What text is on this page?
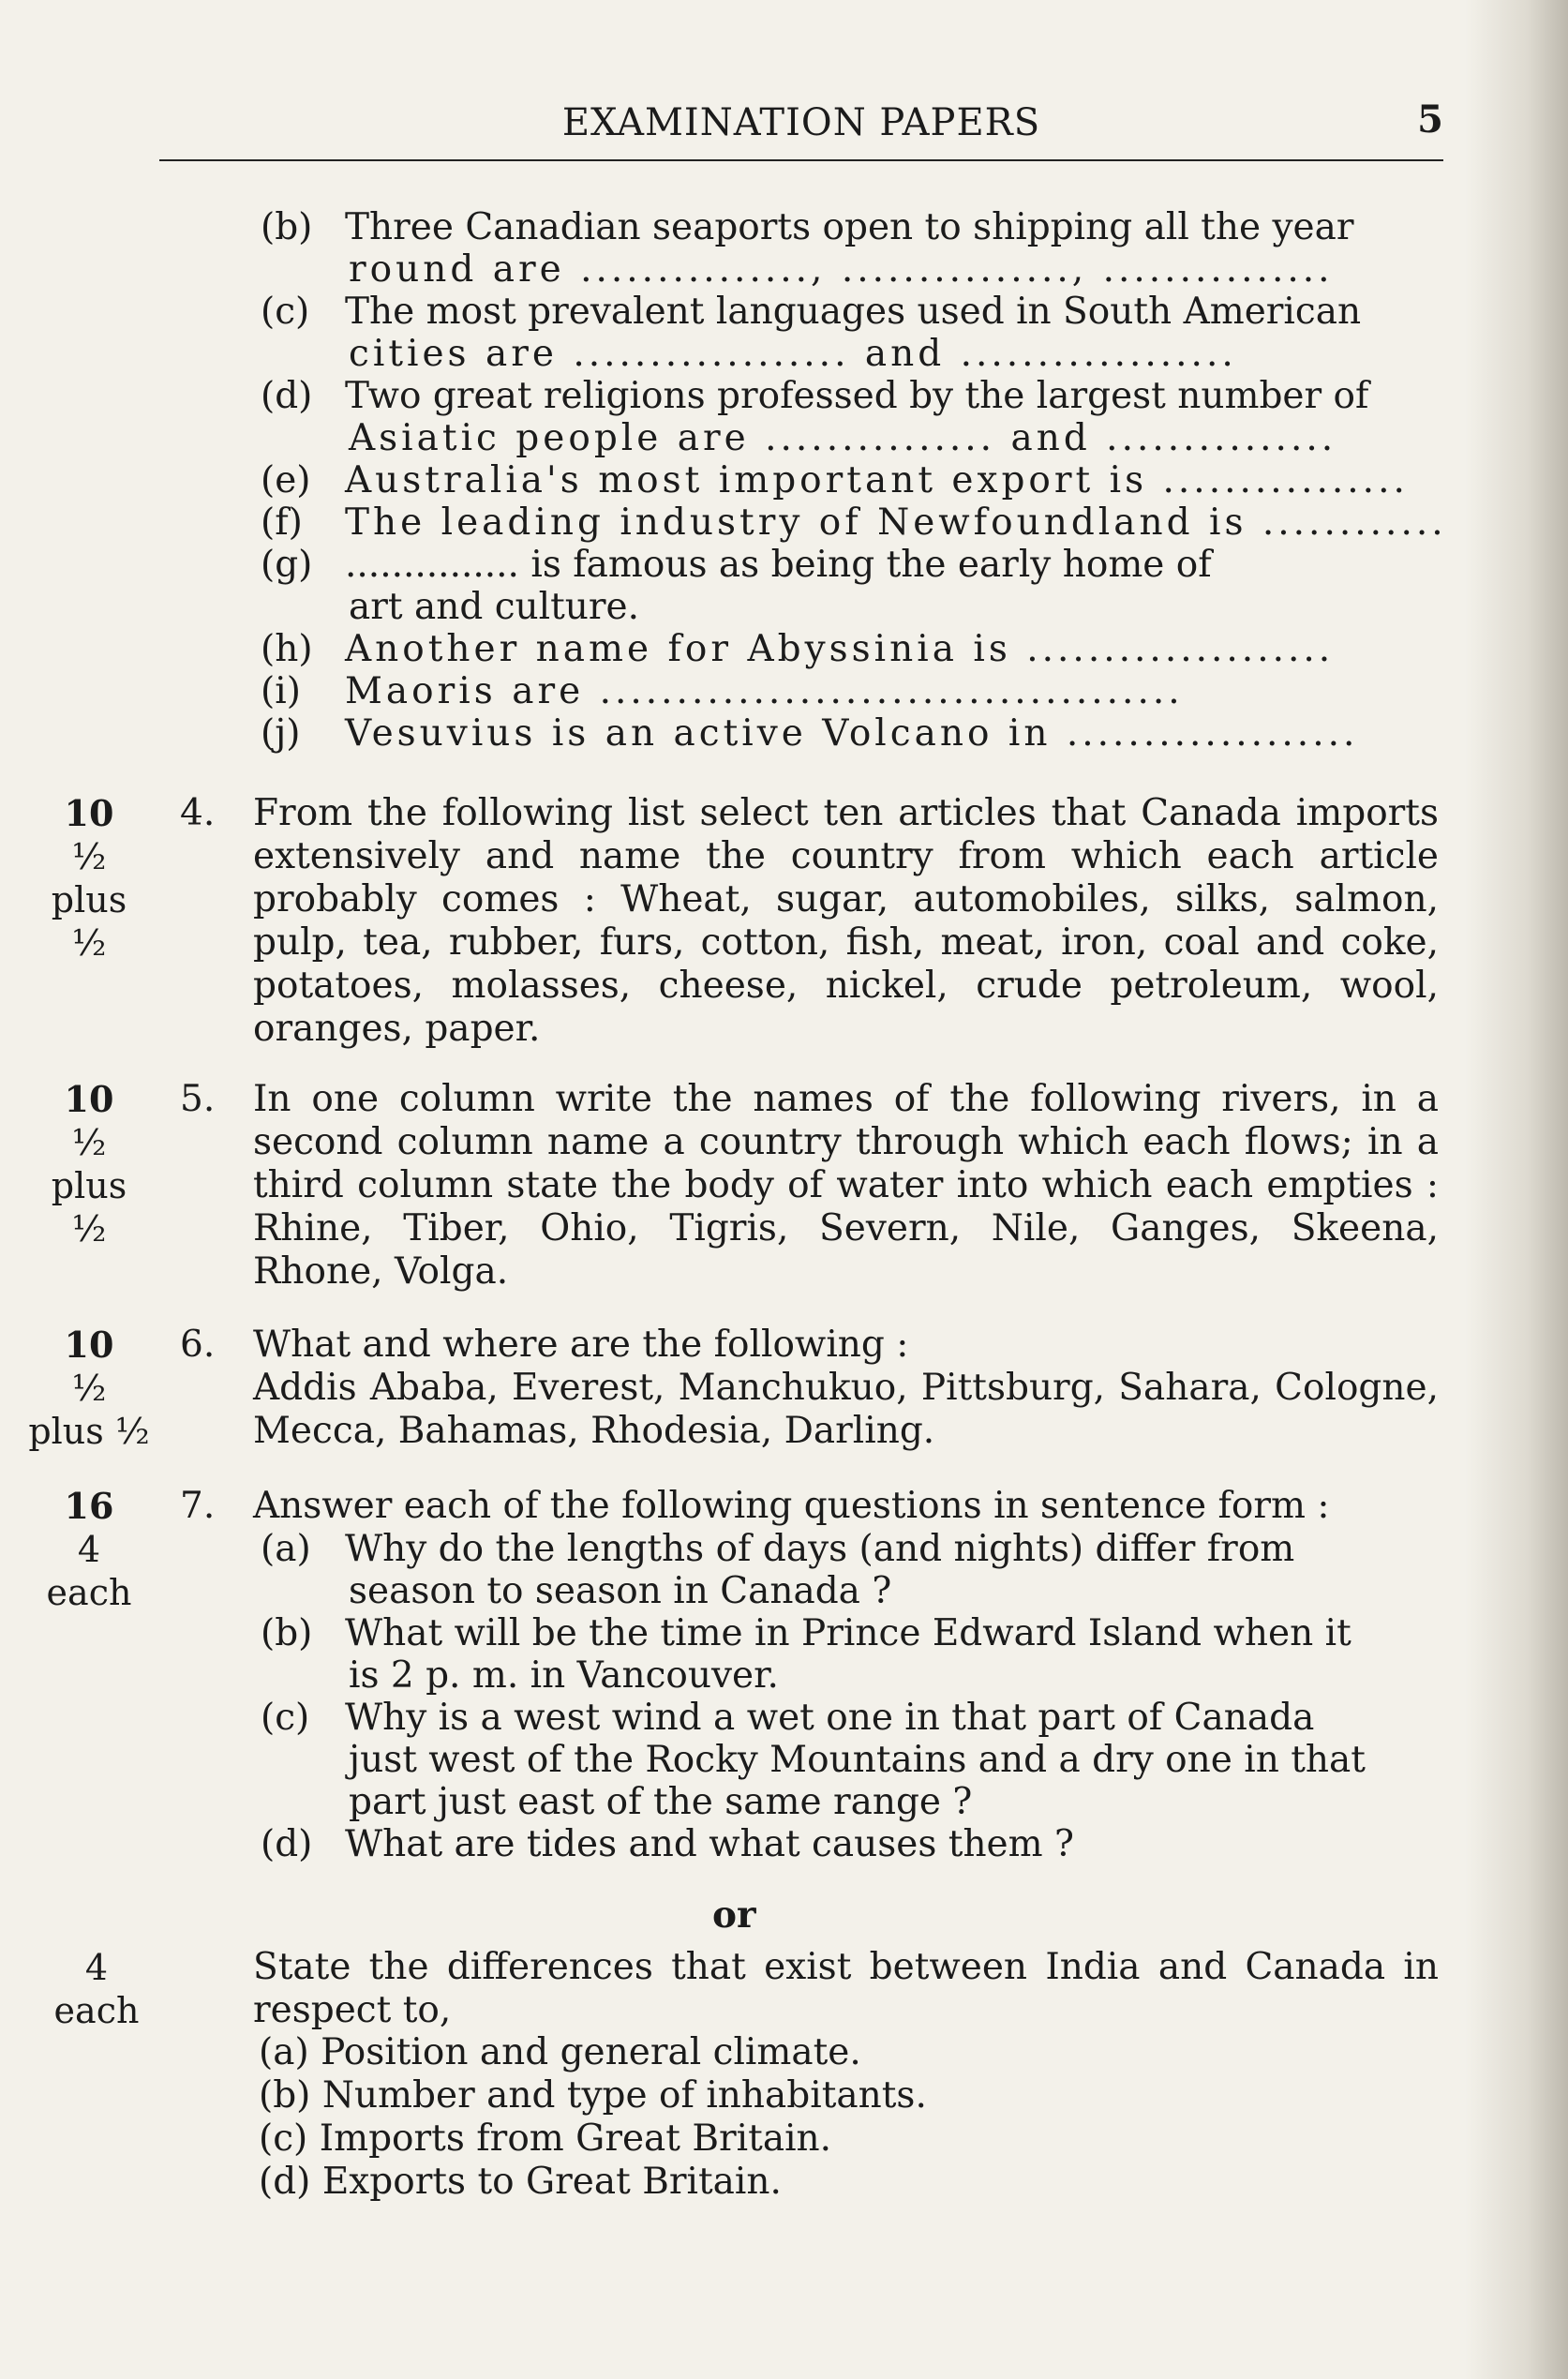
EXAMINATION PAPERS	5
(b) Three Canadian seaports open to shipping all the year
round are ..............., ..............., ...............
(c) The most prevalent languages used in South American
cities are .................. and ..................
(d) Two great religions professed by the largest number of
Asiatic people are ............... and ...............
(e) Australia's most important export is ................
(f)	The leading industry of Newfoundland is ............
(g) ............... is famous as being the early home of
art and culture.
(h) Another name for Abyssinia is ....................
(i)	Maoris are ......................................
(j)	Vesuvius is an active Volcano in ...................
10
½
plus
½
4. From the following list select ten articles that Canada imports extensively and name the country from which each article probably comes : Wheat, sugar, automobiles, silks, salmon, pulp, tea, rubber, furs, cotton, fish, meat, iron, coal and coke, potatoes, molasses, cheese, nickel, crude petroleum, wool, oranges, paper.
10
½
plus
½
5. In one column write the names of the following rivers, in a second column name a country through which each flows; in a third column state the body of water into which each empties : Rhine, Tiber, Ohio, Tigris, Severn, Nile, Ganges, Skeena, Rhone, Volga.
10
½
plus ½
6. What and where are the following :
Addis Ababa, Everest, Manchukuo, Pittsburg, Sahara, Cologne, Mecca, Bahamas, Rhodesia, Darling.
16
4
each
7. Answer each of the following questions in sentence form :
(a) Why do the lengths of days (and nights) differ from
season to season in Canada ?
(b) What will be the time in Prince Edward Island when it
is 2 p. m. in Vancouver.
(c) Why is a west wind a wet one in that part of Canada
just west of the Rocky Mountains and a dry one in that
part just east of the same range ?
(d) What are tides and what causes them ?
or
4
each
State the differences that exist between India and Canada in respect to,
(a) Position and general climate.
(b) Number and type of inhabitants.
(c) Imports from Great Britain.
(d) Exports to Great Britain.
